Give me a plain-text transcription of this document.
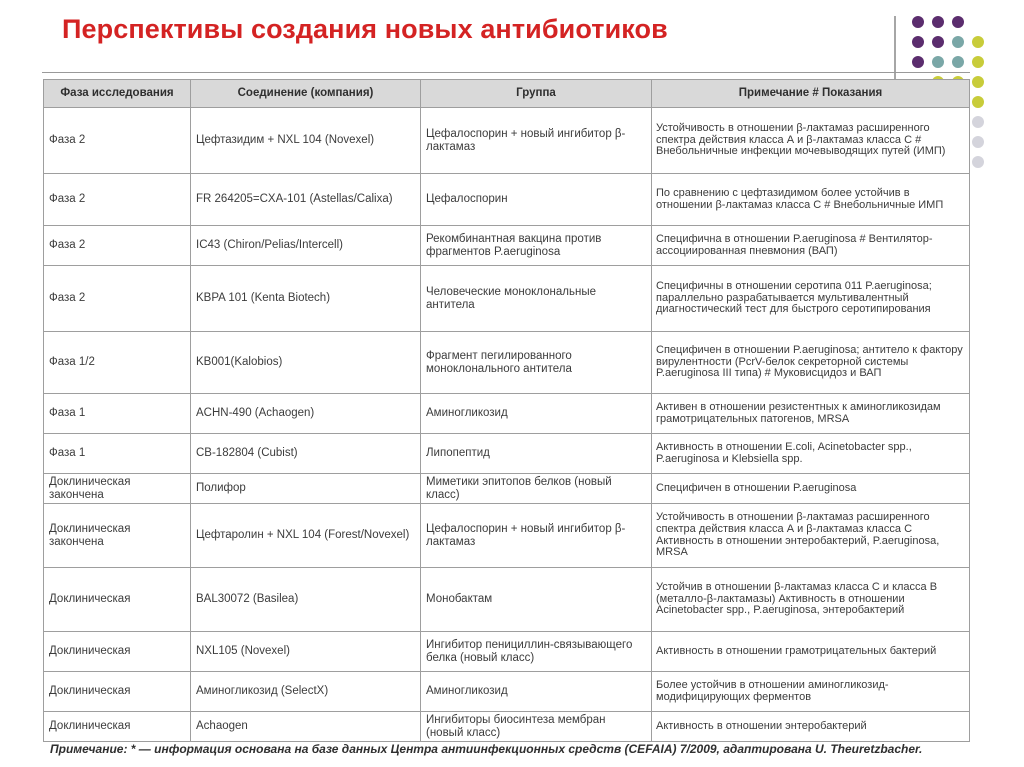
Перспективы создания новых антибиотиков
Фаза исследования	Соединение (компания)	Группа	Примечание # Показания
Фаза 2	Цефтазидим + NXL 104 (Novexel)	Цефалоспорин + новый ингибитор β-лактамаз	Устойчивость в отношении β-лактамаз расширенного спектра действия класса А и β-лактамаз класса С # Внебольничные инфекции мочевыводящих путей (ИМП)
Фаза 2	FR 264205=CXA-101 (Astellas/Calixa)	Цефалоспорин	По сравнению с цефтазидимом более устойчив в отношении β-лактамаз класса С # Внебольничные ИМП
Фаза 2	IC43 (Chiron/Pelias/Intercell)	Рекомбинантная вакцина против фрагментов P.aeruginosa	Специфична в отношении P.aeruginosa # Вентилятор-ассоциированная пневмония (ВАП)
Фаза 2	KBPA 101 (Kenta Biotech)	Человеческие моноклональные антитела	Специфичны в отношении серотипа 011 P.aeruginosa; параллельно разрабатывается мультивалентный диагностический тест для быстрого серотипирования
Фаза 1/2	KB001(Kalobios)	Фрагмент пегилированного моноклонального антитела	Специфичен в отношении P.aeruginosa; антитело к фактору вирулентности (PcrV-белок секреторной системы P.aeruginosa III типа) # Муковисцидоз и ВАП
Фаза 1	ACHN-490 (Achaogen)	Аминогликозид	Активен в отношении резистентных к аминогликозидам грамотрицательных патогенов, MRSA
Фаза 1	CB-182804 (Cubist)	Липопептид	Активность в отношении E.coli, Acinetobacter spp., P.aeruginosa и Klebsiella spp.
Доклиническая закончена	Полифор	Миметики эпитопов белков (новый класс)	Специфичен в отношении P.aeruginosa
Доклиническая закончена	Цефтаролин + NXL 104 (Forest/Novexel)	Цефалоспорин + новый ингибитор β-лактамаз	Устойчивость в отношении β-лактамаз расширенного спектра действия класса А и β-лактамаз класса С Активность в отношении энтеробактерий, P.aeruginosa, MRSA
Доклиническая	BAL30072 (Basilea)	Монобактам	Устойчив в отношении β-лактамаз класса С и класса В (металло-β-лактамазы) Активность в отношении Acinetobacter spp., P.aeruginosa, энтеробактерий
Доклиническая	NXL105 (Novexel)	Ингибитор пенициллин-связывающего белка (новый класс)	Активность в отношении грамотрицательных бактерий
Доклиническая	Аминогликозид (SelectX)	Аминогликозид	Более устойчив в отношении аминогликозид-модифицирующих ферментов
Доклиническая	Achaogen	Ингибиторы биосинтеза мембран (новый класс)	Активность в отношении энтеробактерий
Примечание: * — информация основана на базе данных Центра антиинфекционных средств (CEFAIA) 7/2009, адаптирована U. Theuretzbacher.
